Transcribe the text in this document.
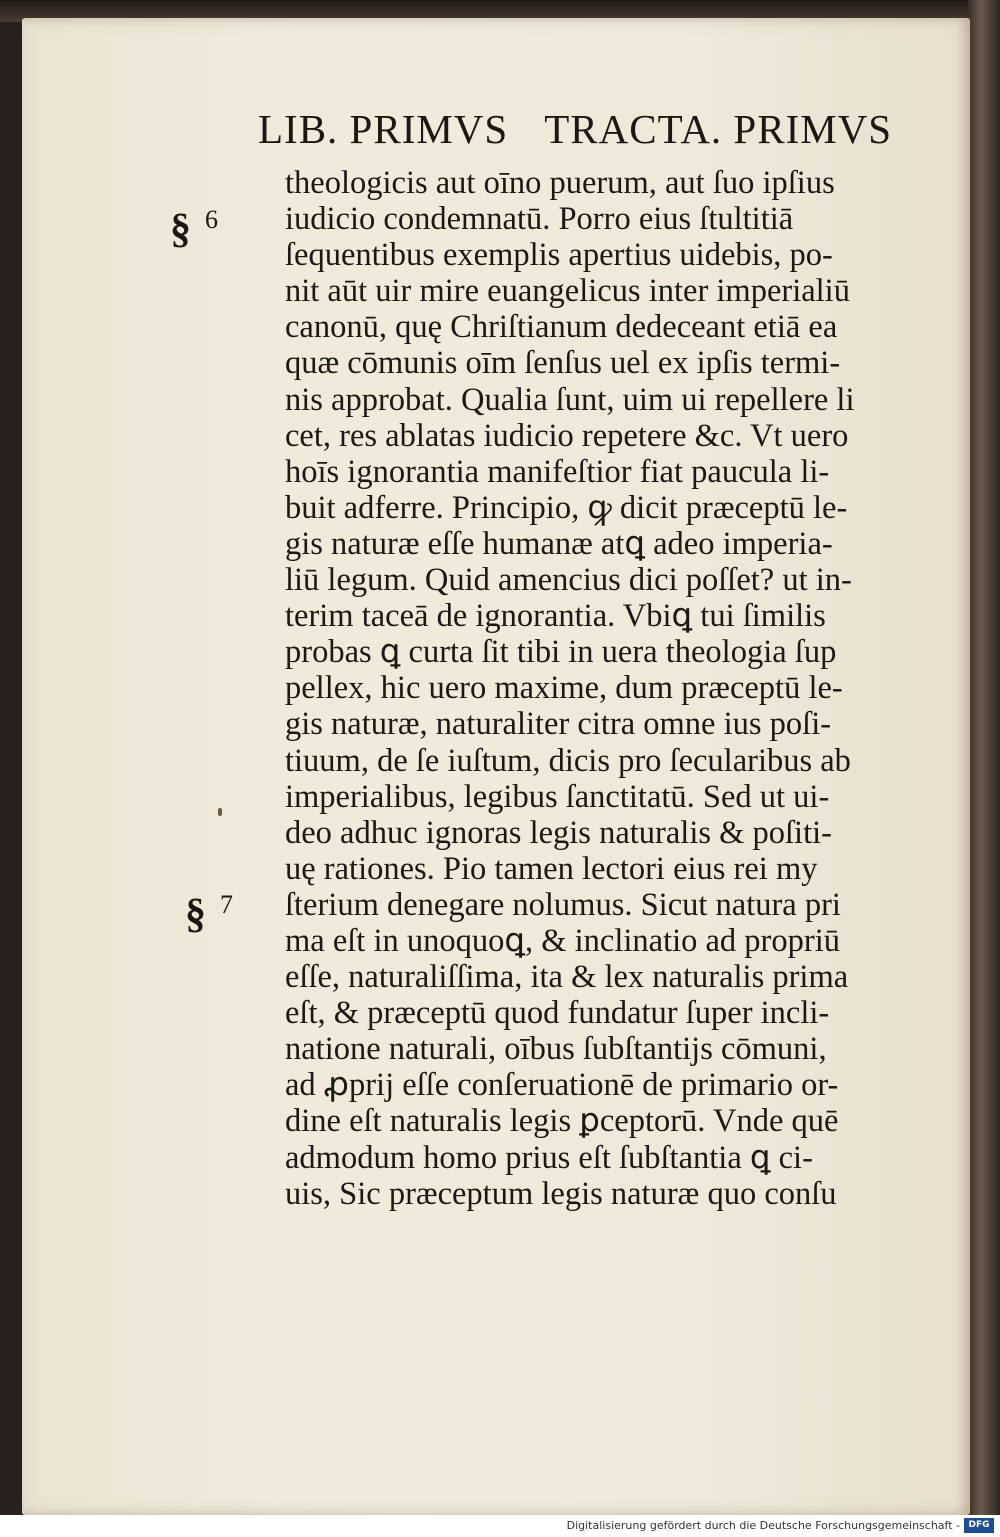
LIB. PRIMVS TRACTA. PRIMVS
§ 6
§ 7
theologicis aut oīno puerum, aut ſuo ipſius
iudicio condemnatū. Porro eius ſtultitiā
ſequentibus exemplis apertius uidebis, po-
nit aūt uir mire euangelicus inter imperialiū
canonū, quę Chriſtianum dedeceant etiā ea
quæ cōmunis oīm ſenſus uel ex ipſis termi-
nis approbat. Qualia ſunt, uim ui repellere li
cet, res ablatas iudicio repetere &c. Vt uero
hoīs ignorantia manifeſtior fiat paucula li-
buit adferre. Principio, ꝙ dicit præceptū le-
gis naturæ eſſe humanæ atꝗ adeo imperia-
liū legum. Quid amencius dici poſſet? ut in-
terim taceā de ignorantia. Vbiꝗ tui ſimilis
probas ꝗ curta ſit tibi in uera theologia ſup
pellex, hic uero maxime, dum præceptū le-
gis naturæ, naturaliter citra omne ius poſi-
tiuum, de ſe iuſtum, dicis pro ſecularibus ab
imperialibus, legibus ſanctitatū. Sed ut ui-
deo adhuc ignoras legis naturalis & poſiti-
uę rationes. Pio tamen lectori eius rei my
ſterium denegare nolumus. Sicut natura pri
ma eſt in unoquoꝗ, & inclinatio ad propriū
eſſe, naturaliſſima, ita & lex naturalis prima
eſt, & præceptū quod fundatur ſuper incli-
natione naturali, oībus ſubſtantijs cōmuni,
ad ꝓprij eſſe conſeruationē de primario or-
dine eſt naturalis legis ꝑceptorū. Vnde quē
admodum homo prius eſt ſubſtantia ꝗ ci-
uis, Sic præceptum legis naturæ quo conſu
Digitalisierung gefördert durch die Deutsche Forschungsgemeinschaft - DFG
